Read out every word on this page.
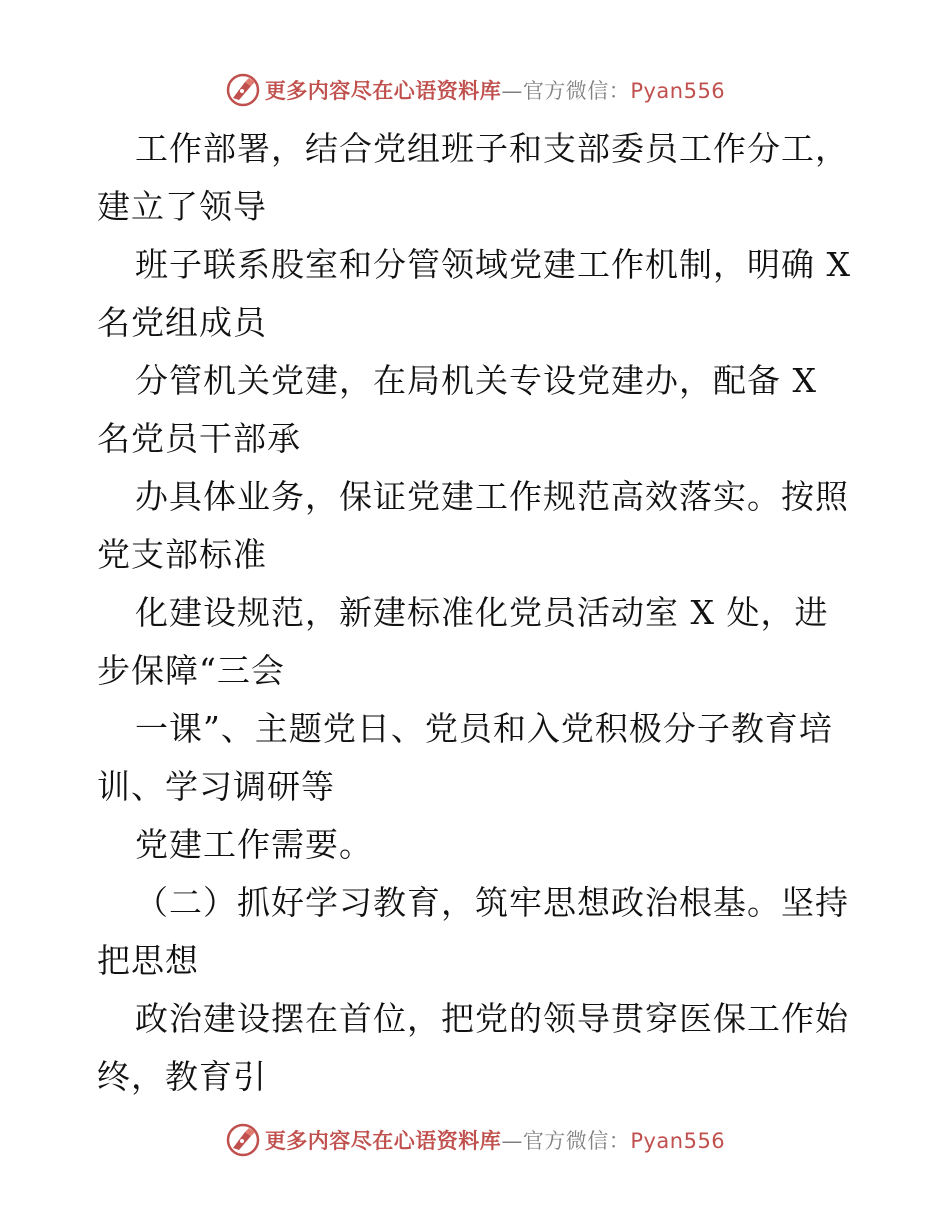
更多内容尽在心语资料库—官方微信：Pyan556

工作部署，结合党组班子和支部委员工作分工，

建立了领导

班子联系股室和分管领域党建工作机制，明确 X

名党组成员

分管机关党建，在局机关专设党建办，配备 X

名党员干部承

办具体业务，保证党建工作规范高效落实。按照

党支部标准

化建设规范，新建标准化党员活动室 X 处，进

步保障“三会

一课”、主题党日、党员和入党积极分子教育培

训、学习调研等

党建工作需要。

（二）抓好学习教育，筑牢思想政治根基。坚持

把思想

政治建设摆在首位，把党的领导贯穿医保工作始

终，教育引

更多内容尽在心语资料库—官方微信：Pyan556
